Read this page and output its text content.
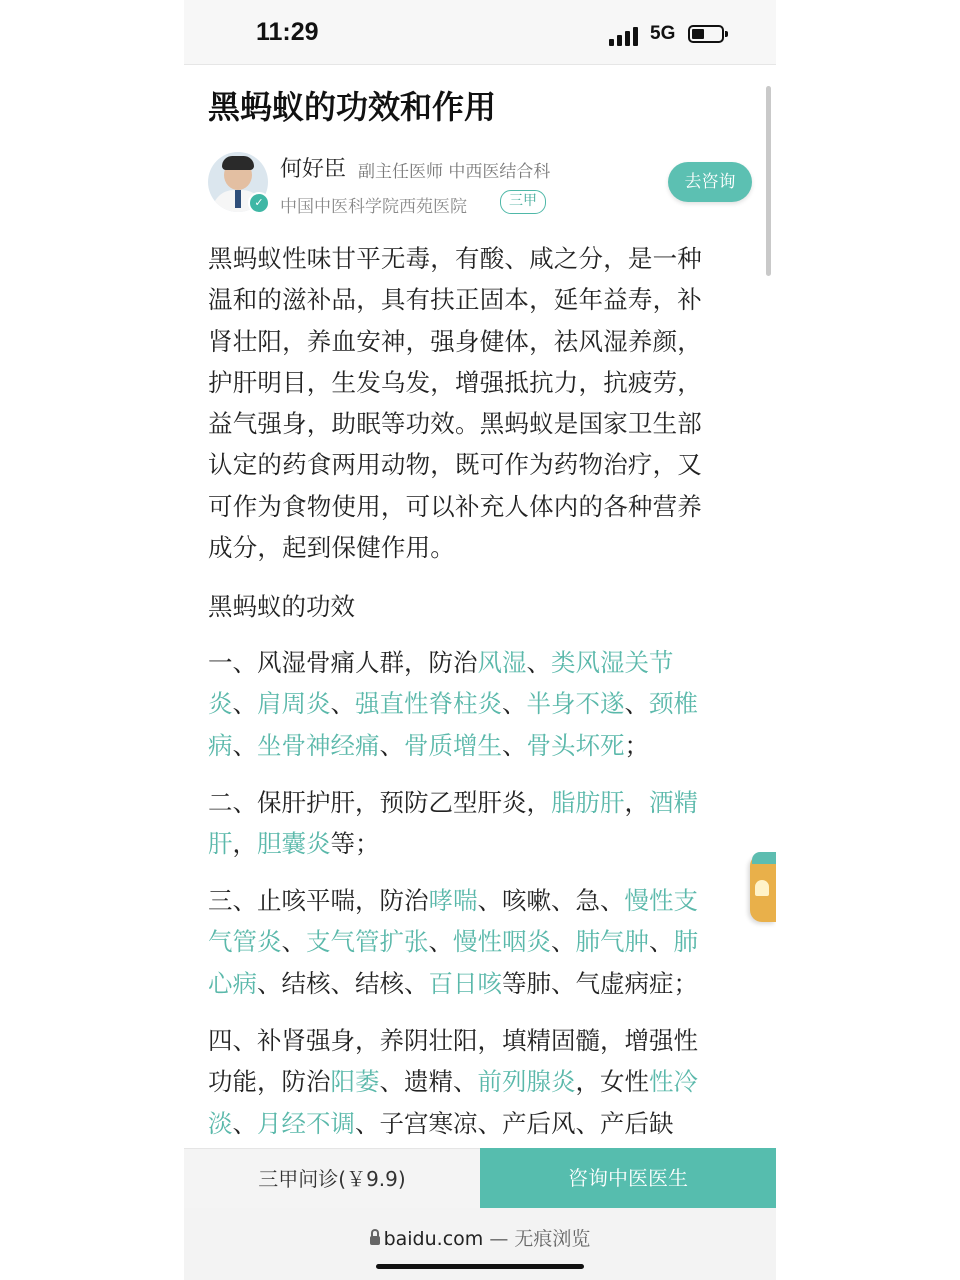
11:29	5G
黑蚂蚁的功效和作用
✓
何好臣 副主任医师 中西医结合科
中国中医科学院西苑医院	三甲
去咨询
黑蚂蚁性味甘平无毒，有酸、咸之分，是一种
温和的滋补品，具有扶正固本，延年益寿，补
肾壮阳，养血安神，强身健体，祛风湿养颜，
护肝明目，生发乌发，增强抵抗力，抗疲劳，
益气强身，助眠等功效。黑蚂蚁是国家卫生部
认定的药食两用动物，既可作为药物治疗，又
可作为食物使用，可以补充人体内的各种营养
成分，起到保健作用。
黑蚂蚁的功效
一、风湿骨痛人群，防治风湿、类风湿关节
炎、肩周炎、强直性脊柱炎、半身不遂、颈椎
病、坐骨神经痛、骨质增生、骨头坏死；
二、保肝护肝，预防乙型肝炎，脂肪肝，酒精
肝，胆囊炎等；
三、止咳平喘，防治哮喘、咳嗽、急、慢性支
气管炎、支气管扩张、慢性咽炎、肺气肿、肺
心病、结核、结核、百日咳等肺、气虚病症；
四、补肾强身，养阴壮阳，填精固髓，增强性
功能，防治阳萎、遗精、前列腺炎，女性性冷
淡、月经不调、子宫寒凉、产后风、产后缺
三甲问诊(￥9.9)	咨询中医医生
baidu.com — 无痕浏览
